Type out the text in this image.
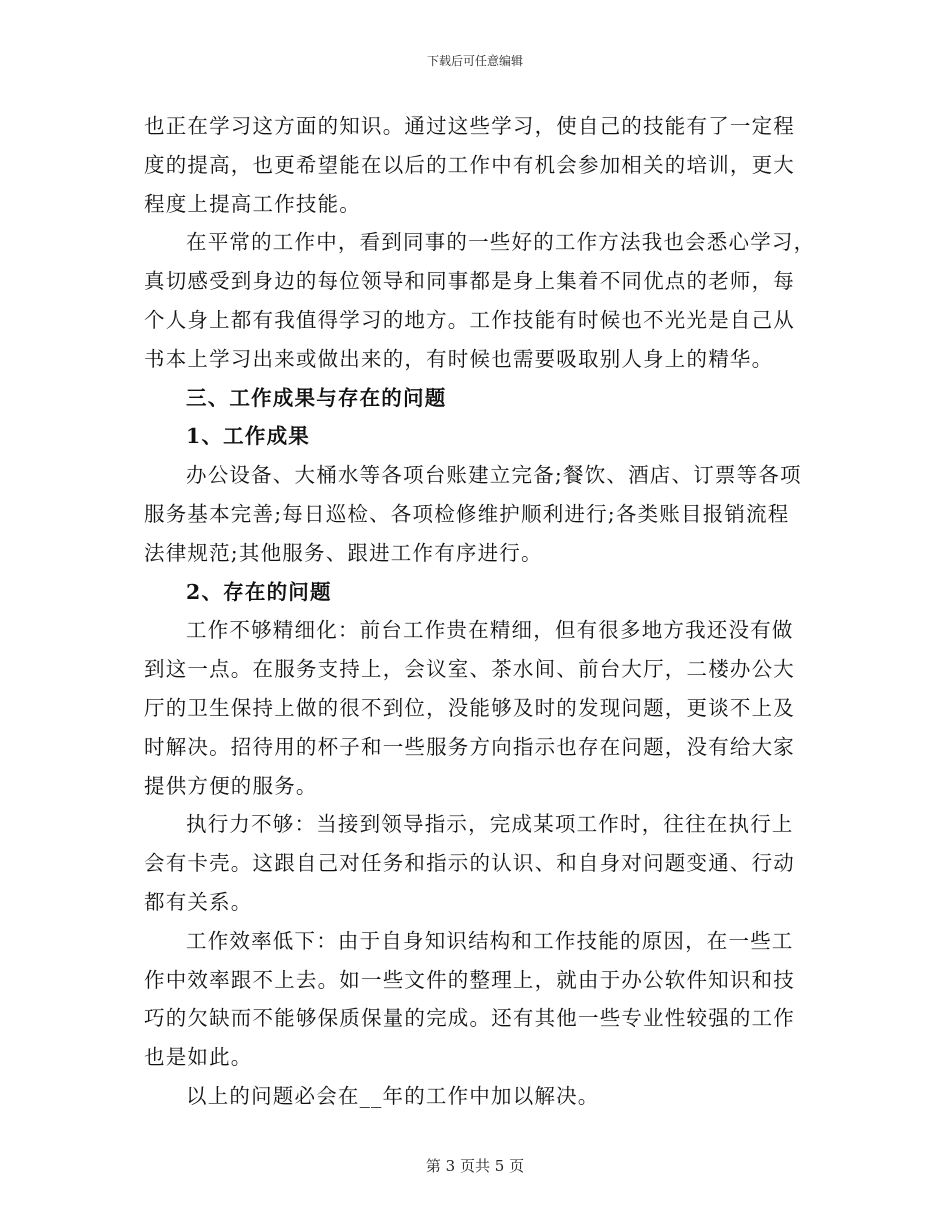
下载后可任意编辑
也正在学习这方面的知识。通过这些学习，使自己的技能有了一定程
度的提高，也更希望能在以后的工作中有机会参加相关的培训，更大
程度上提高工作技能。
在平常的工作中，看到同事的一些好的工作方法我也会悉心学习，
真切感受到身边的每位领导和同事都是身上集着不同优点的老师，每
个人身上都有我值得学习的地方。工作技能有时候也不光光是自己从
书本上学习出来或做出来的，有时候也需要吸取别人身上的精华。
三、工作成果与存在的问题
1、工作成果
办公设备、大桶水等各项台账建立完备;餐饮、酒店、订票等各项
服务基本完善;每日巡检、各项检修维护顺利进行;各类账目报销流程
法律规范;其他服务、跟进工作有序进行。
2、存在的问题
工作不够精细化：前台工作贵在精细，但有很多地方我还没有做
到这一点。在服务支持上，会议室、茶水间、前台大厅，二楼办公大
厅的卫生保持上做的很不到位，没能够及时的发现问题，更谈不上及
时解决。招待用的杯子和一些服务方向指示也存在问题，没有给大家
提供方便的服务。
执行力不够：当接到领导指示，完成某项工作时，往往在执行上
会有卡壳。这跟自己对任务和指示的认识、和自身对问题变通、行动
都有关系。
工作效率低下：由于自身知识结构和工作技能的原因，在一些工
作中效率跟不上去。如一些文件的整理上，就由于办公软件知识和技
巧的欠缺而不能够保质保量的完成。还有其他一些专业性较强的工作
也是如此。
以上的问题必会在__年的工作中加以解决。
第 3 页共 5 页
